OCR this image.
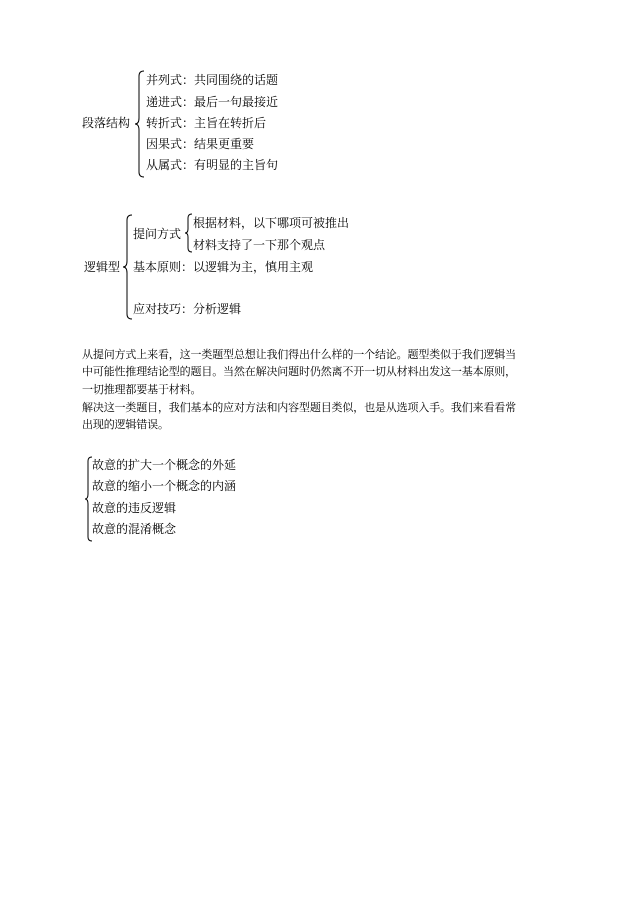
段落结构
并列式：共同围绕的话题
递进式：最后一句最接近
转折式：主旨在转折后
因果式：结果更重要
从属式：有明显的主旨句
逻辑型
提问方式
根据材料，以下哪项可被推出
材料支持了一下那个观点
基本原则：以逻辑为主，慎用主观
应对技巧：分析逻辑
从提问方式上来看，这一类题型总想让我们得出什么样的一个结论。题型类似于我们逻辑当
中可能性推理结论型的题目。当然在解决问题时仍然离不开一切从材料出发这一基本原则，
一切推理都要基于材料。
解决这一类题目，我们基本的应对方法和内容型题目类似，也是从选项入手。我们来看看常
出现的逻辑错误。
故意的扩大一个概念的外延
故意的缩小一个概念的内涵
故意的违反逻辑
故意的混淆概念
